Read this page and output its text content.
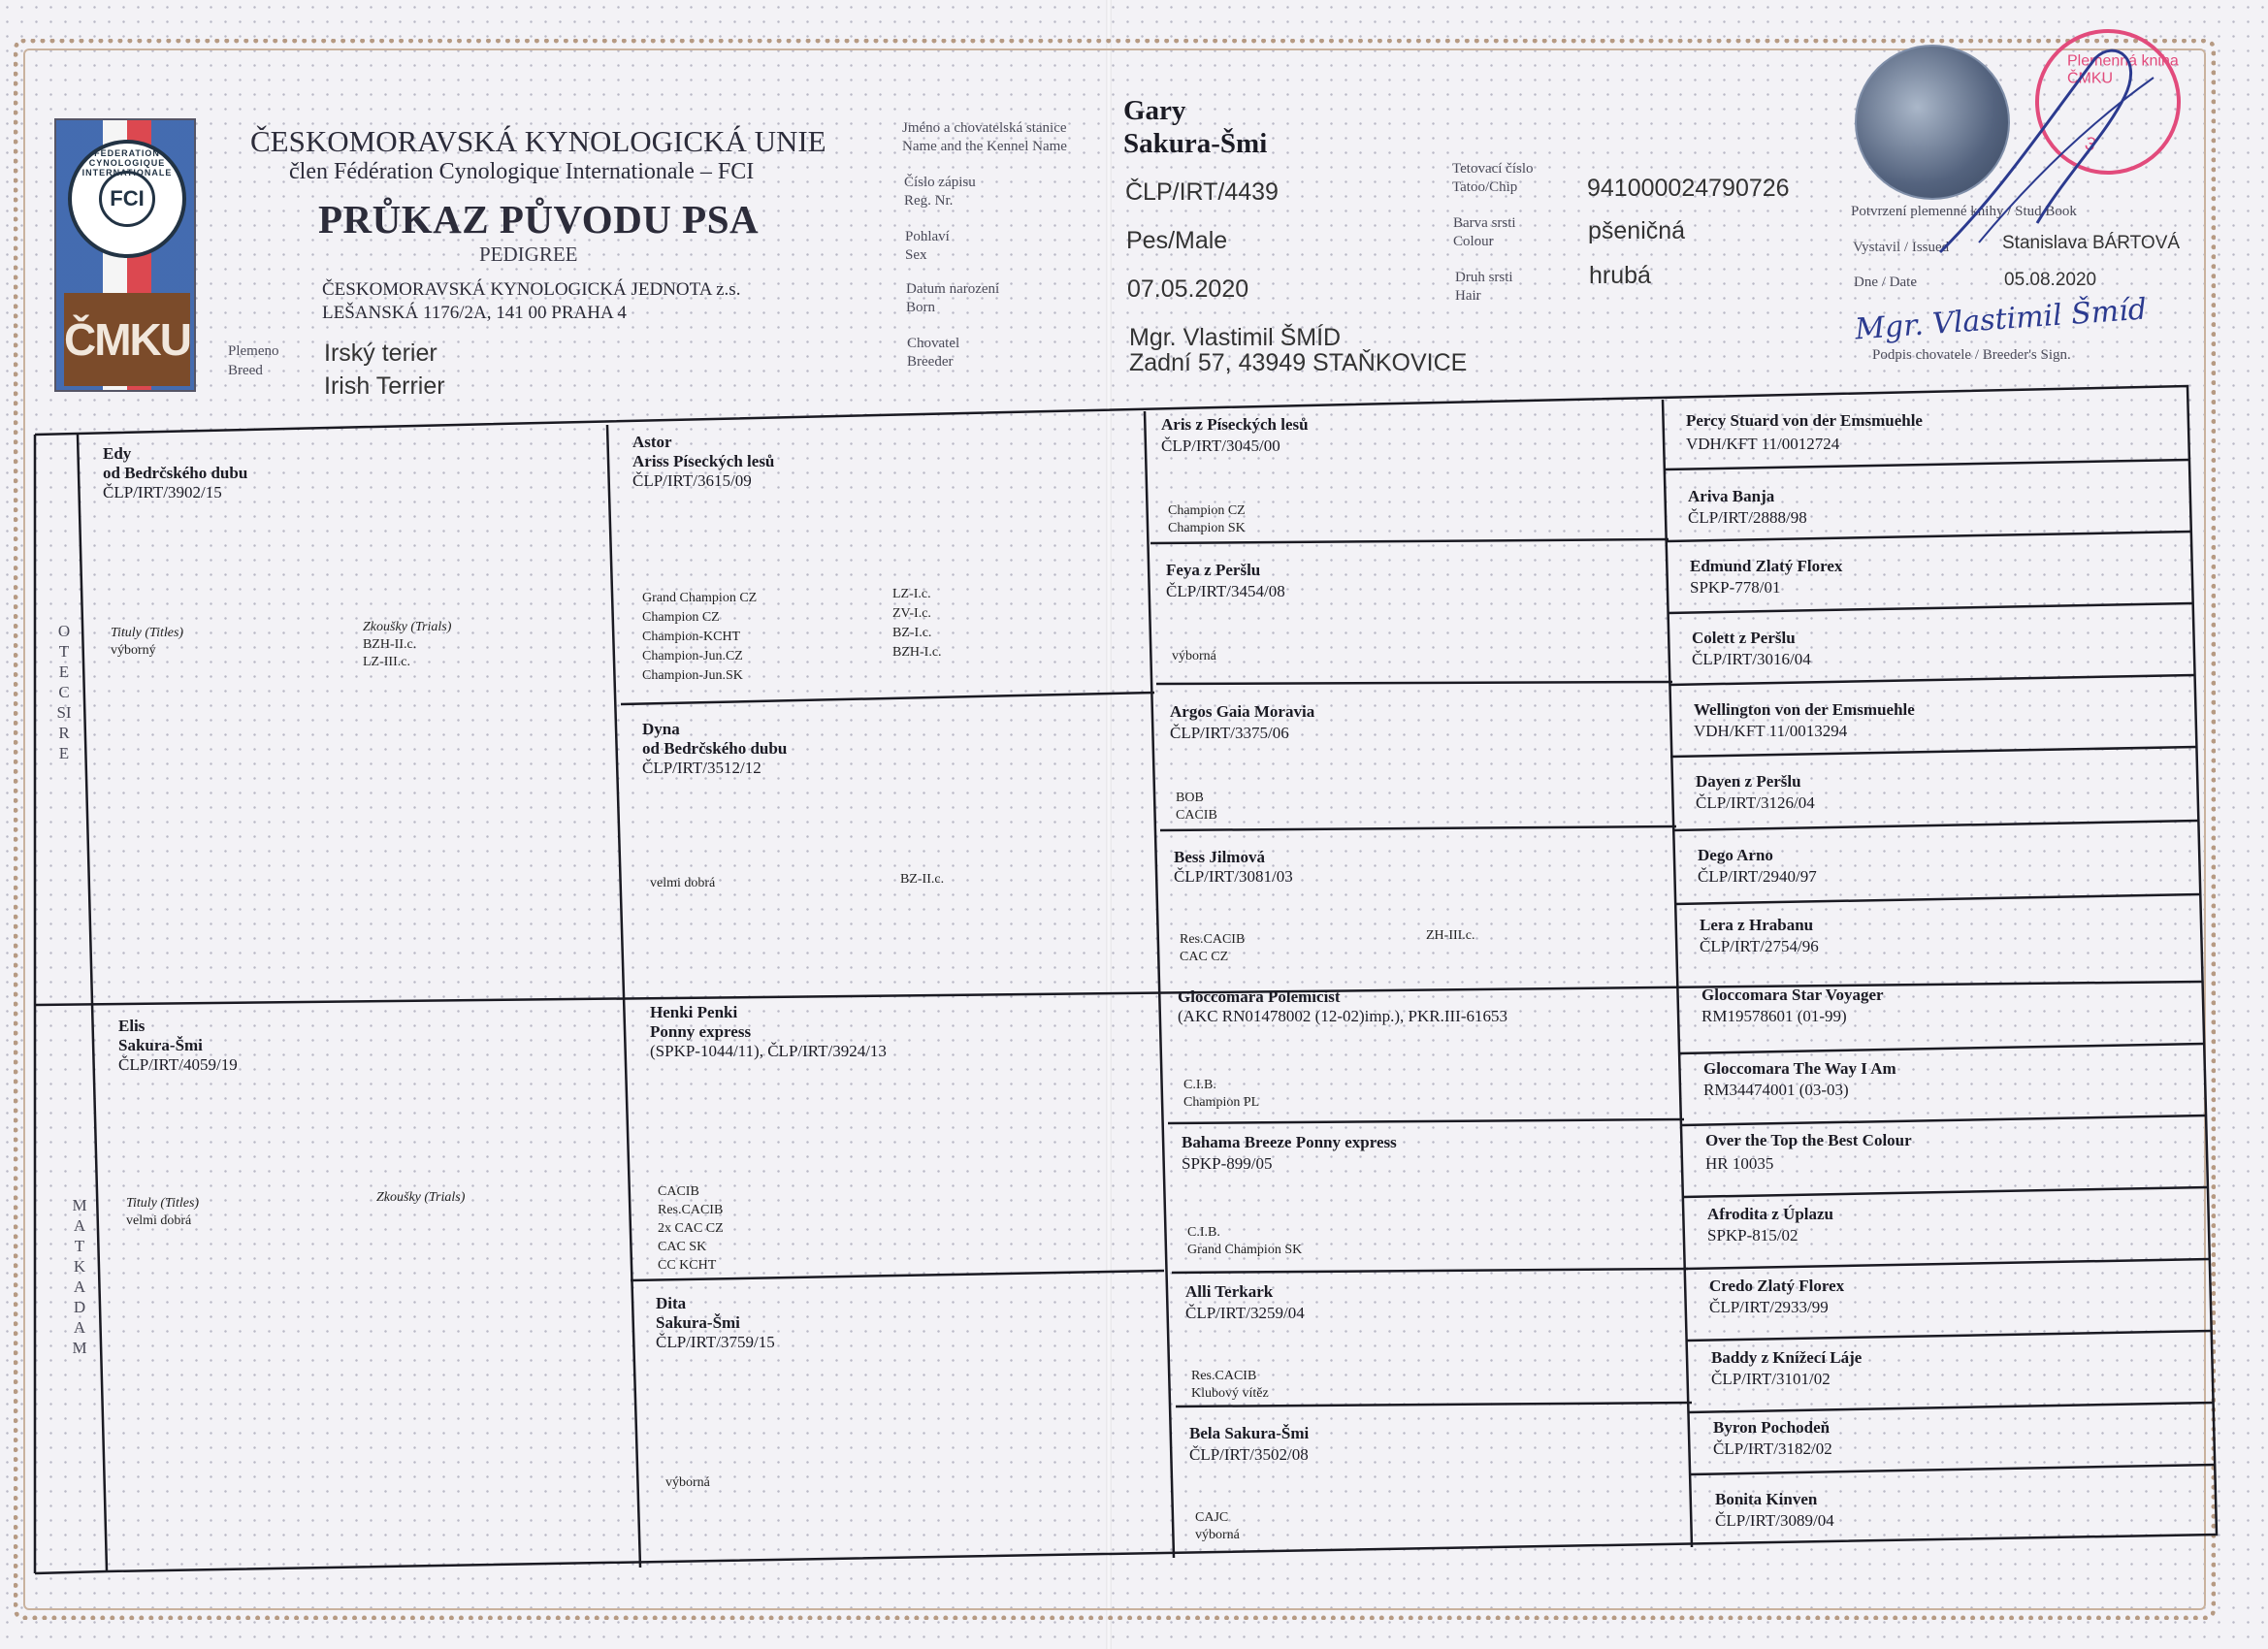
FEDERATION CYNOLOGIQUE INTERNATIONALE
FCI
ČMKU
ČESKOMORAVSKÁ KYNOLOGICKÁ UNIE
člen Fédération Cynologique Internationale – FCI
PRŮKAZ PŮVODU PSA
PEDIGREE
ČESKOMORAVSKÁ KYNOLOGICKÁ JEDNOTA z.s.
LEŠANSKÁ 1176/2A, 141 00 PRAHA 4
Plemeno
Breed
Irský terier
Irish Terrier
Jméno a chovatelská stanice
Name and the Kennel Name
Číslo zápisu
Reg. Nr.
Pohlaví
Sex
Datum narození
Born
Chovatel
Breeder
Gary
Sakura-Šmi
ČLP/IRT/4439
Pes/Male
07.05.2020
Mgr. Vlastimil ŠMÍD
Zadní 57, 43949 STAŇKOVICE
Tetovací číslo
Tatoo/Chip
Barva srsti
Colour
Druh srsti
Hair
941000024790726
pšeničná
hrubá
Plemenná kniha ČMKU
3
Potvrzení plemenné knihy / Stud Book
Vystavil / Issued	Stanislava BÁRTOVÁ
Dne / Date	05.08.2020
Mgr. Vlastimil Šmíd
Podpis chovatele / Breeder's Sign.
OTEC SIRE
MATKA DAM
Edy
od Bedrčského dubu
ČLP/IRT/3902/15
Tituly (Titles)
výborný
Zkoušky (Trials)
BZH-II.c.
LZ-III.c.
Elis
Sakura-Šmi
ČLP/IRT/4059/19
Tituly (Titles)
velmi dobrá
Zkoušky (Trials)
Astor
Ariss Píseckých lesů
ČLP/IRT/3615/09
Grand Champion CZ
Champion CZ
Champion-KCHT
Champion-Jun.CZ
Champion-Jun.SK
LZ-I.c.
ZV-I.c.
BZ-I.c.
BZH-I.c.
Dyna
od Bedrčského dubu
ČLP/IRT/3512/12
velmi dobrá	BZ-II.c.
Henki Penki
Ponny express
(SPKP-1044/11), ČLP/IRT/3924/13
CACIB
Res.CACIB
2x CAC CZ
CAC SK
CC KCHT
Dita
Sakura-Šmi
ČLP/IRT/3759/15
výborná
Aris z Píseckých lesů
ČLP/IRT/3045/00
Champion CZ
Champion SK
Feya z Peršlu
ČLP/IRT/3454/08
výborná
Argos Gaia Moravia
ČLP/IRT/3375/06
BOB
CACIB
Bess Jilmová
ČLP/IRT/3081/03
Res.CACIB
CAC CZ
ZH-III.c.
Gloccomara Polemicist
(AKC RN01478002 (12-02)imp.), PKR.III-61653
C.I.B.
Champion PL
Bahama Breeze Ponny express
SPKP-899/05
C.I.B.
Grand Champion SK
Alli Terkark
ČLP/IRT/3259/04
Res.CACIB
Klubový vítěz
Bela Sakura-Šmi
ČLP/IRT/3502/08
CAJC
výborná
Percy Stuard von der Emsmuehle
VDH/KFT 11/0012724
Ariva Banja
ČLP/IRT/2888/98
Edmund Zlatý Florex
SPKP-778/01
Colett z Peršlu
ČLP/IRT/3016/04
Wellington von der Emsmuehle
VDH/KFT 11/0013294
Dayen z Peršlu
ČLP/IRT/3126/04
Dego Arno
ČLP/IRT/2940/97
Lera z Hrabanu
ČLP/IRT/2754/96
Gloccomara Star Voyager
RM19578601 (01-99)
Gloccomara The Way I Am
RM34474001 (03-03)
Over the Top the Best Colour
HR 10035
Afrodita z Úplazu
SPKP-815/02
Credo Zlatý Florex
ČLP/IRT/2933/99
Baddy z Knížecí Láje
ČLP/IRT/3101/02
Byron Pochodeň
ČLP/IRT/3182/02
Bonita Kinven
ČLP/IRT/3089/04
